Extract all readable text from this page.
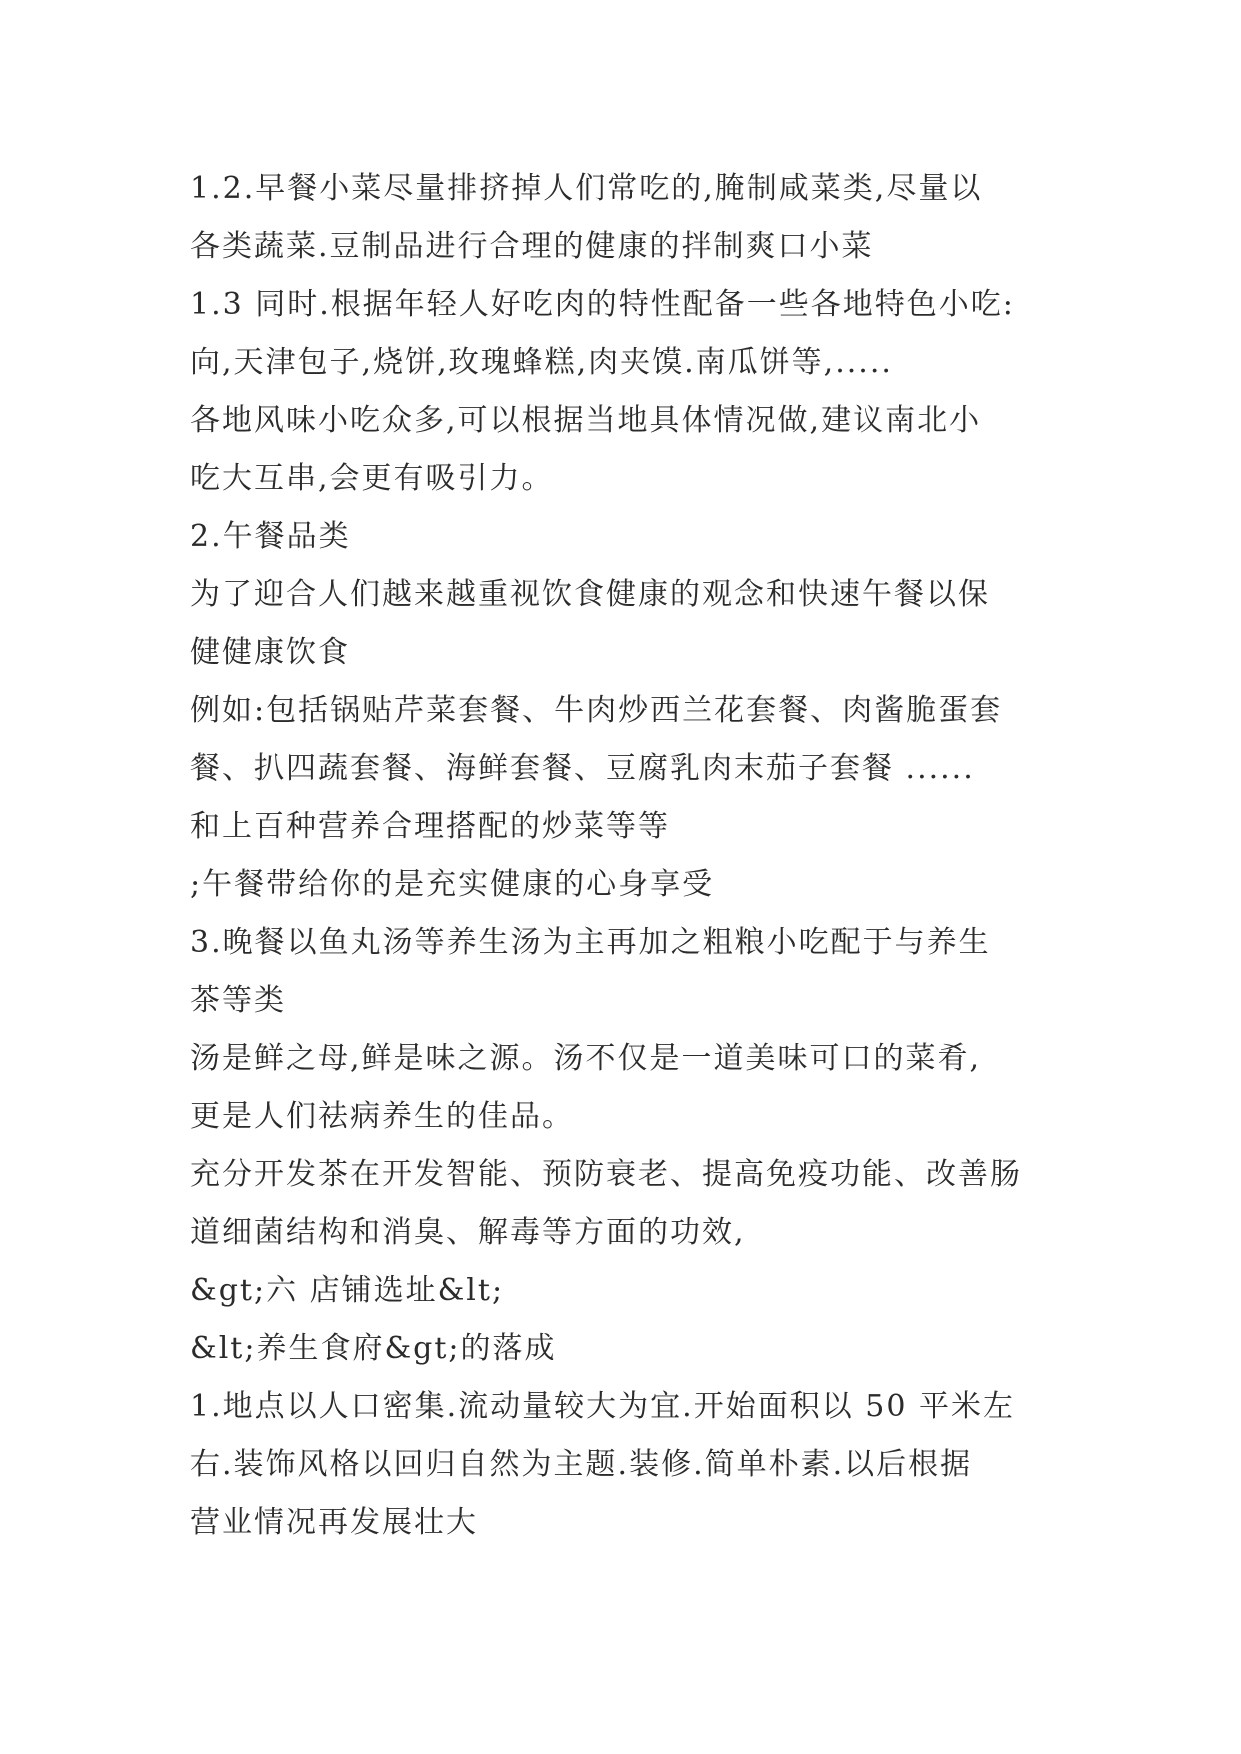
1.2.早餐小菜尽量排挤掉人们常吃的,腌制咸菜类,尽量以
各类蔬菜.豆制品进行合理的健康的拌制爽口小菜
1.3 同时.根据年轻人好吃肉的特性配备一些各地特色小吃:
向,天津包子,烧饼,玫瑰蜂糕,肉夹馍.南瓜饼等,.....
各地风味小吃众多,可以根据当地具体情况做,建议南北小
吃大互串,会更有吸引力。
2.午餐品类
为了迎合人们越来越重视饮食健康的观念和快速午餐以保
健健康饮食
例如:包括锅贴芹菜套餐、牛肉炒西兰花套餐、肉酱脆蛋套
餐、扒四蔬套餐、海鲜套餐、豆腐乳肉末茄子套餐 ......
和上百种营养合理搭配的炒菜等等
;午餐带给你的是充实健康的心身享受
3.晚餐以鱼丸汤等养生汤为主再加之粗粮小吃配于与养生
茶等类
汤是鲜之母,鲜是味之源。汤不仅是一道美味可口的菜肴,
更是人们祛病养生的佳品。
充分开发茶在开发智能、预防衰老、提高免疫功能、改善肠
道细菌结构和消臭、解毒等方面的功效,
&gt;六 店铺选址&lt;
&lt;养生食府&gt;的落成
1.地点以人口密集.流动量较大为宜.开始面积以 50 平米左
右.装饰风格以回归自然为主题.装修.简单朴素.以后根据
营业情况再发展壮大
